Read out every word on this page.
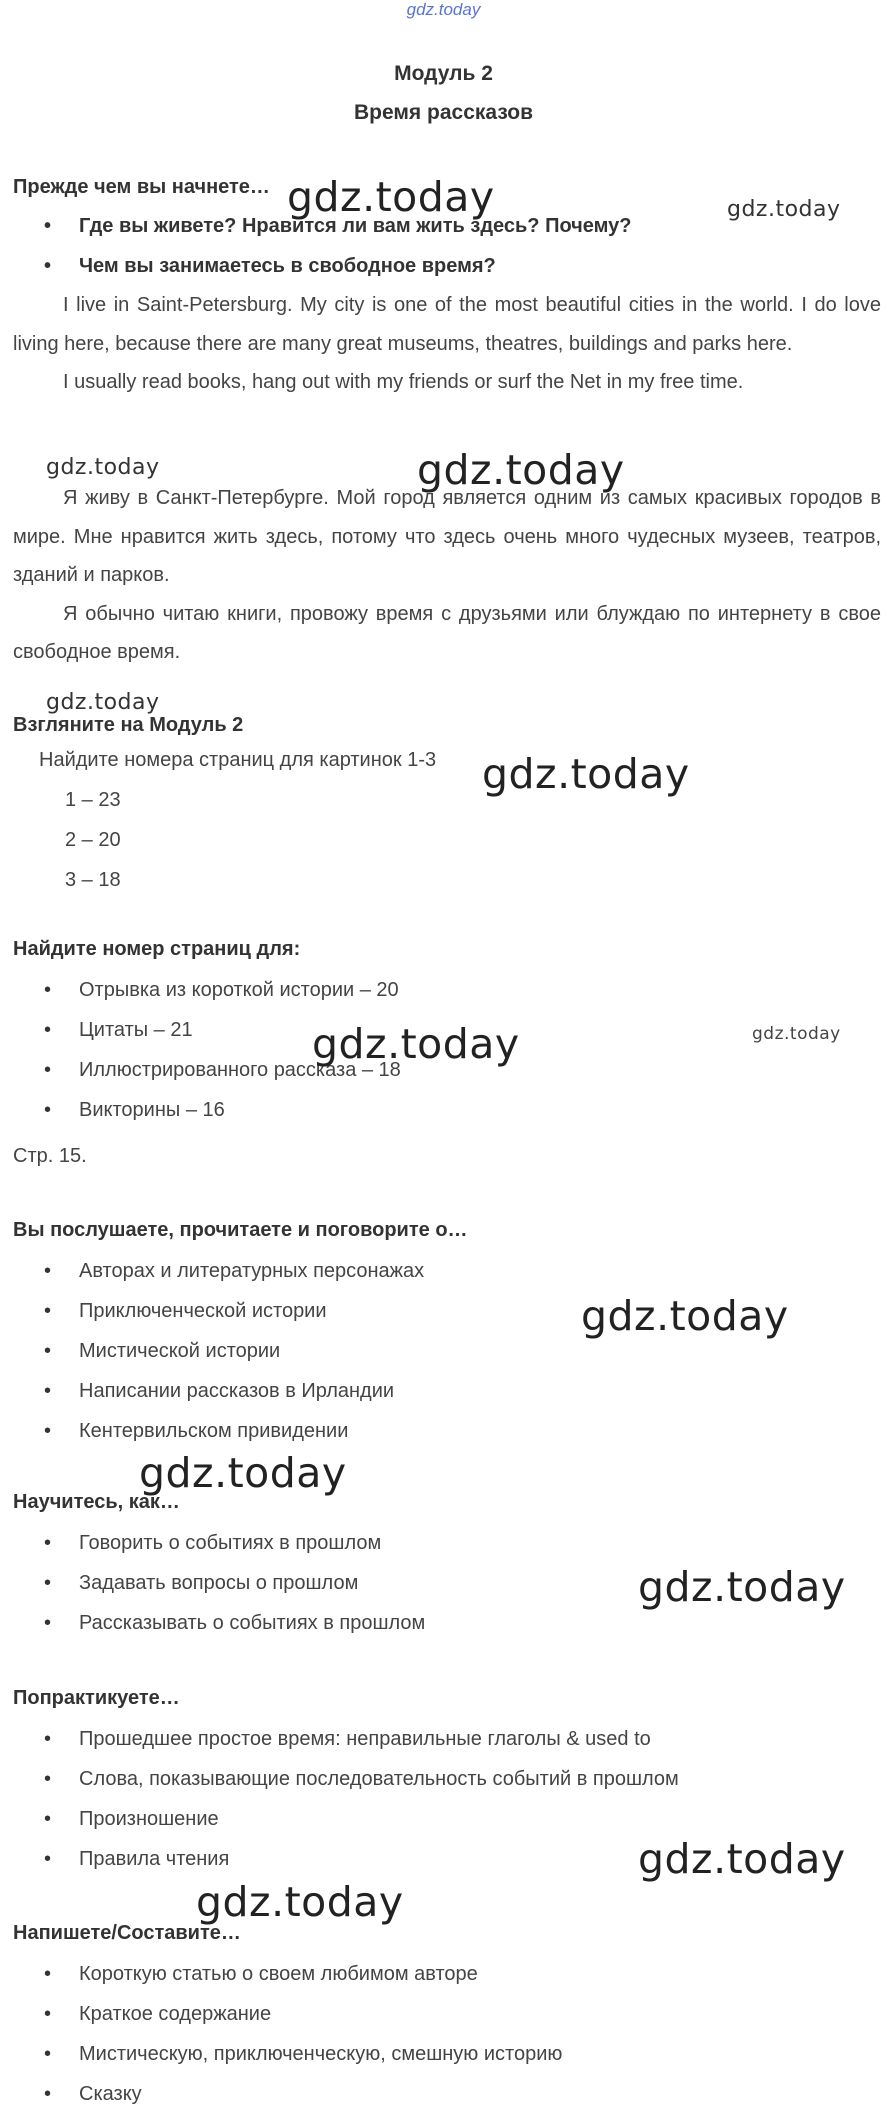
gdz.today
Модуль 2
Время рассказов
Прежде чем вы начнете…
• Где вы живете? Нравится ли вам жить здесь? Почему?
• Чем вы занимаетесь в свободное время?

I live in Saint-Petersburg. My city is one of the most beautiful cities in the world. I do love living here, because there are many great museums, theatres, buildings and parks here.

I usually read books, hang out with my friends or surf the Net in my free time.

Я живу в Санкт-Петербурге. Мой город является одним из самых красивых городов в мире. Мне нравится жить здесь, потому что здесь очень много чудесных музеев, театров, зданий и парков.

Я обычно читаю книги, провожу время с друзьями или блуждаю по интернету в свое свободное время.

Взгляните на Модуль 2
Найдите номера страниц для картинок 1-3
1 – 23
2 – 20
3 – 18
Найдите номер страниц для:
• Отрывка из короткой истории – 20
• Цитаты – 21
• Иллюстрированного рассказа – 18
• Викторины – 16
Стр. 15.
Вы послушаете, прочитаете и поговорите о…
• Авторах и литературных персонажах
• Приключенческой истории
• Мистической истории
• Написании рассказов в Ирландии
• Кентервильском привидении
Научитесь, как…
• Говорить о событиях в прошлом
• Задавать вопросы о прошлом
• Рассказывать о событиях в прошлом
Попрактикуете…
• Прошедшее простое время: неправильные глаголы & used to
• Слова, показывающие последовательность событий в прошлом
• Произношение
• Правила чтения
Напишете/Составите…
• Короткую статью о своем любимом авторе
• Краткое содержание
• Мистическую, приключенческую, смешную историю
• Сказку
gdz.today	gdz.today
gdz.today	gdz.today
gdz.today
gdz.today
gdz.today	gdz.today
gdz.today
gdz.today
gdz.today
gdz.today
gdz.today
